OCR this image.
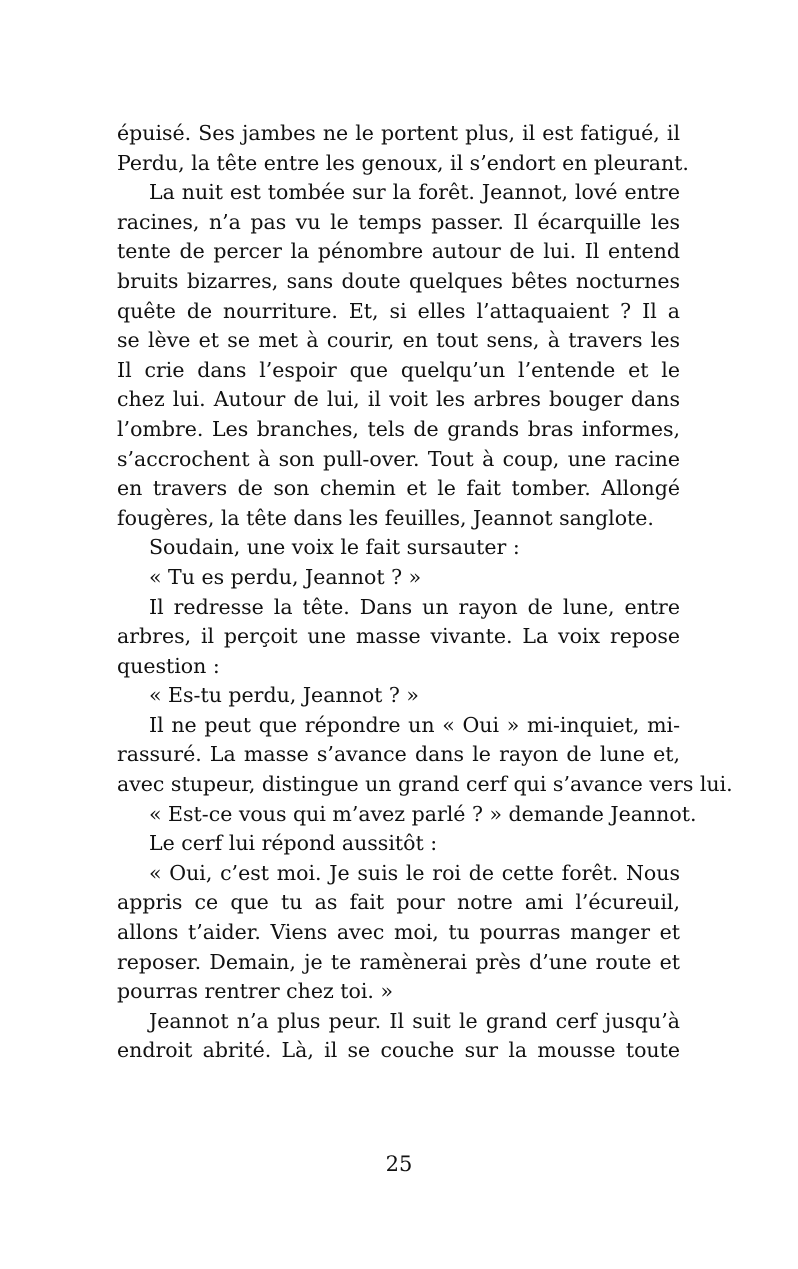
épuisé. Ses jambes ne le portent plus, il est fatigué, il
Perdu, la tête entre les genoux, il s’endort en pleurant.
La nuit est tombée sur la forêt. Jeannot, lové entre
racines, n’a pas vu le temps passer. Il écarquille les
tente de percer la pénombre autour de lui. Il entend
bruits bizarres, sans doute quelques bêtes nocturnes
quête de nourriture. Et, si elles l’attaquaient ? Il a
se lève et se met à courir, en tout sens, à travers les
Il crie dans l’espoir que quelqu’un l’entende et le
chez lui. Autour de lui, il voit les arbres bouger dans
l’ombre. Les branches, tels de grands bras informes,
s’accrochent à son pull-over. Tout à coup, une racine
en travers de son chemin et le fait tomber. Allongé
fougères, la tête dans les feuilles, Jeannot sanglote.
Soudain, une voix le fait sursauter :
« Tu es perdu, Jeannot ? »
Il redresse la tête. Dans un rayon de lune, entre
arbres, il perçoit une masse vivante. La voix repose
question :
« Es-tu perdu, Jeannot ? »
Il ne peut que répondre un « Oui » mi-inquiet, mi-
rassuré. La masse s’avance dans le rayon de lune et,
avec stupeur, distingue un grand cerf qui s’avance vers lui.
« Est-ce vous qui m’avez parlé ? » demande Jeannot.
Le cerf lui répond aussitôt :
« Oui, c’est moi. Je suis le roi de cette forêt. Nous
appris ce que tu as fait pour notre ami l’écureuil,
allons t’aider. Viens avec moi, tu pourras manger et
reposer. Demain, je te ramènerai près d’une route et
pourras rentrer chez toi. »
Jeannot n’a plus peur. Il suit le grand cerf jusqu’à
endroit abrité. Là, il se couche sur la mousse toute
25
